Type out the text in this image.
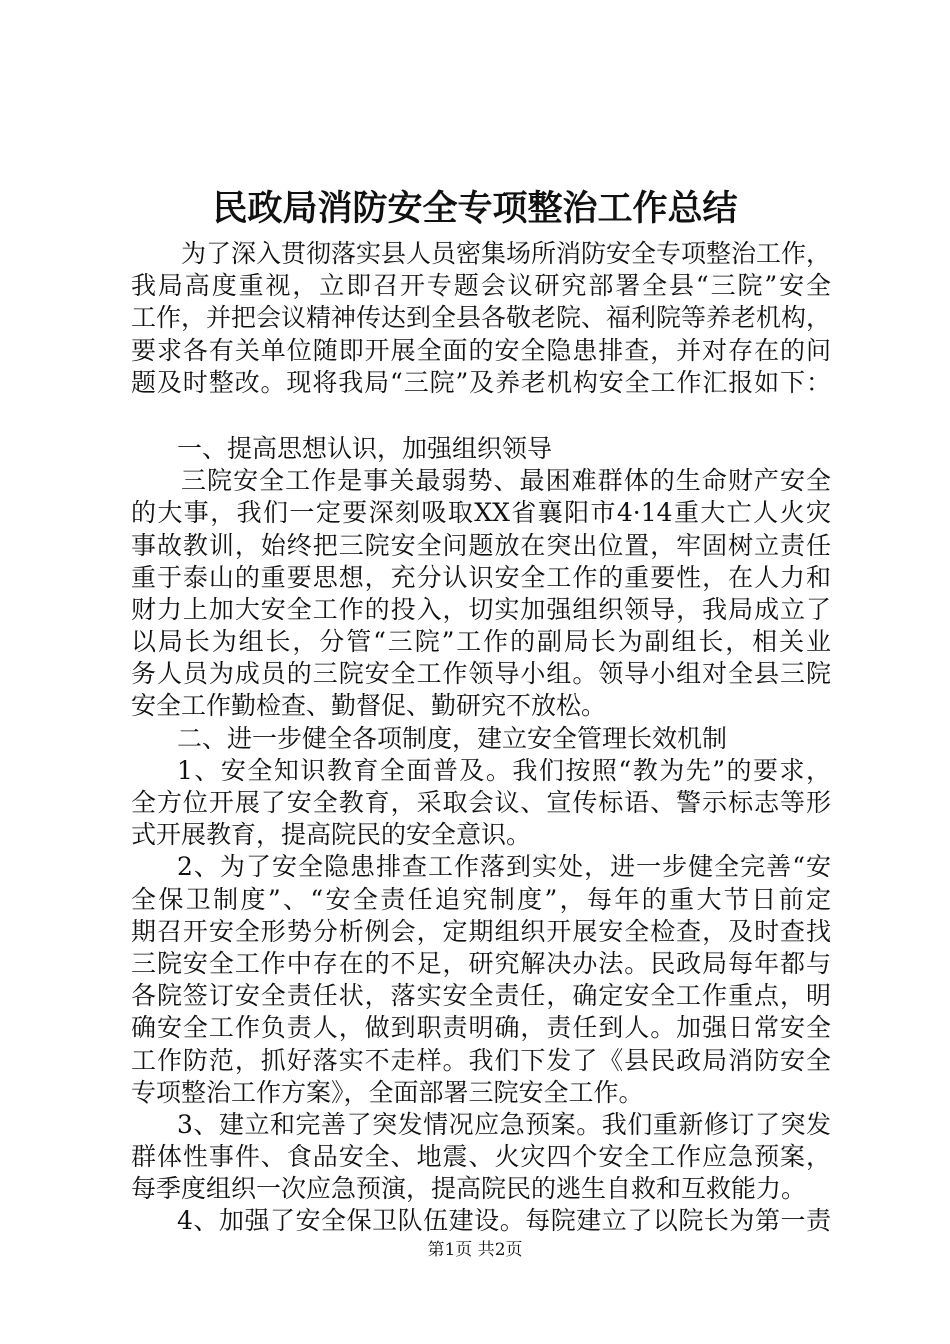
民政局消防安全专项整治工作总结
为了深入贯彻落实县人员密集场所消防安全专项整治工作，
我局高度重视，立即召开专题会议研究部署全县“三院”安全
工作，并把会议精神传达到全县各敬老院、福利院等养老机构，
要求各有关单位随即开展全面的安全隐患排查，并对存在的问
题及时整改。现将我局“三院”及养老机构安全工作汇报如下：
一、提高思想认识，加强组织领导
三院安全工作是事关最弱势、最困难群体的生命财产安全
的大事，我们一定要深刻吸取XX省襄阳市4·14重大亡人火灾
事故教训，始终把三院安全问题放在突出位置，牢固树立责任
重于泰山的重要思想，充分认识安全工作的重要性，在人力和
财力上加大安全工作的投入，切实加强组织领导，我局成立了
以局长为组长，分管“三院”工作的副局长为副组长，相关业
务人员为成员的三院安全工作领导小组。领导小组对全县三院
安全工作勤检查、勤督促、勤研究不放松。
二、进一步健全各项制度，建立安全管理长效机制
1、安全知识教育全面普及。我们按照“教为先”的要求，
全方位开展了安全教育，采取会议、宣传标语、警示标志等形
式开展教育，提高院民的安全意识。
2、为了安全隐患排查工作落到实处，进一步健全完善“安
全保卫制度”、“安全责任追究制度”，每年的重大节日前定
期召开安全形势分析例会，定期组织开展安全检查，及时查找
三院安全工作中存在的不足，研究解决办法。民政局每年都与
各院签订安全责任状，落实安全责任，确定安全工作重点，明
确安全工作负责人，做到职责明确，责任到人。加强日常安全
工作防范，抓好落实不走样。我们下发了《县民政局消防安全
专项整治工作方案》，全面部署三院安全工作。
3、建立和完善了突发情况应急预案。我们重新修订了突发
群体性事件、食品安全、地震、火灾四个安全工作应急预案，
每季度组织一次应急预演，提高院民的逃生自救和互救能力。
4、加强了安全保卫队伍建设。每院建立了以院长为第一责
第1页 共2页
